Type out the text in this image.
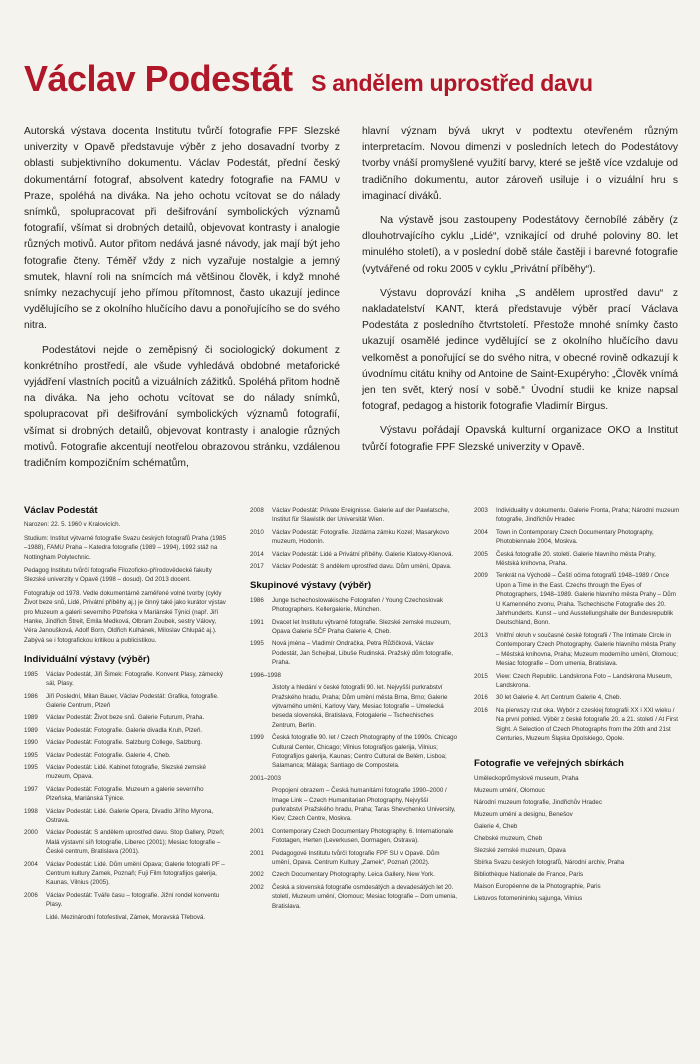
Václav Podestát S andělem uprostřed davu

Autorská výstava docenta Institutu tvůrčí fotografie FPF Slezské univerzity v Opavě představuje výběr z jeho dosavadní tvorby z oblasti subjektivního dokumentu. Václav Podestát, přední český dokumentární fotograf, absolvent katedry fotografie na FAMU v Praze, spoléhá na diváka. Na jeho ochotu vcítovat se do nálady snímků, spolupracovat při dešifrování symbolických významů fotografií, všímat si drobných detailů, objevovat kontrasty i analogie různých motivů. Autor přitom nedává jasné návody, jak mají být jeho fotografie čteny. Téměř vždy z nich vyzařuje nostalgie a jemný smutek, hlavní roli na snímcích má většinou člověk, i když mnohé snímky nezachycují jeho přímou přítomnost, často ukazují jedince vydělujícího se z okolního hlučícího davu a ponořujícího se do svého nitra.

Podestátovi nejde o zeměpisný či sociologický dokument z konkrétního prostředí, ale všude vyhledává obdobné metaforické vyjádření vlastních pocitů a vizuálních zážitků. Spoléhá přitom hodně na diváka. Na jeho ochotu vcítovat se do nálady snímků, spolupracovat při dešifrování symbolických významů fotografií, všímat si drobných detailů, objevovat kontrasty i analogie různých motivů. Fotografie akcentují neotřelou obrazovou stránku, vzdálenou tradičním kompozičním schématům,

hlavní význam bývá ukryt v podtextu otevřeném různým interpretacím. Novou dimenzi v posledních letech do Podestátovy tvorby vnáší promyšlené využití barvy, které se ještě více vzdaluje od tradičního dokumentu, autor zároveň usiluje i o vizuální hru s imaginací diváků.

Na výstavě jsou zastoupeny Podestátovy černobílé záběry (z dlouhotrvajícího cyklu „Lidé“, vznikající od druhé poloviny 80. let minulého století), a v poslední době stále častěji i barevné fotografie (vytvářené od roku 2005 v cyklu „Privátní příběhy“).

Výstavu doprovází kniha „S andělem uprostřed davu“ z nakladatelství KANT, která představuje výběr prací Václava Podestáta z posledního čtvrtstoletí. Přestože mnohé snímky často ukazují osamělé jedince vydělující se z okolního hlučícího davu velkoměst a ponořující se do svého nitra, v obecné rovině odkazují k úvodnímu citátu knihy od Antoine de Saint-Exupéryho: „Člověk vnímá jen ten svět, který nosí v sobě.“ Úvodní studii ke knize napsal fotograf, pedagog a historik fotografie Vladimír Birgus.

Výstavu pořádají Opavská kulturní organizace OKO a Institut tvůrčí fotografie FPF Slezské univerzity v Opavě.

Václav Podestát

Narozen: 22. 5. 1960 v Kralovicích.

Studium: Institut výtvarné fotografie Svazu českých fotografů Praha (1985 –1988), FAMU Praha – Katedra fotografie (1989 – 1994), 1992 stáž na Nottingham Polytechnic.

Pedagog Institutu tvůrčí fotografie Filozoficko-přírodovědecké fakulty Slezské univerzity v Opavě (1998 – dosud). Od 2013 docent.

Fotografuje od 1978. Vedle dokumentárně zaměřené volné tvorby (cykly Život beze snů, Lidé, Privátní příběhy aj.) je činný také jako kurátor výstav pro Muzeum a galerii severního Plzeňska v Mariánské Týnici (např. Jiří Hanke, Jindřich Štreit, Emila Medková, Olbram Zoubek, sestry Válovy, Véra Janoušková, Adolf Born, Oldřich Kulhánek, Miloslav Chlupáč aj.). Zabývá se i fotografickou kritikou a publicistikou.

Individuální výstavy (výběr)
1985	Václav Podestát, Jiří Šimek: Fotografie. Konvent Plasy, zámecký sál, Plasy.
1986	Jiří Poslední, Milan Bauer, Václav Podestát: Grafika, fotografie. Galerie Centrum, Plzeň
1989	Václav Podestát: Život beze snů. Galerie Futurum, Praha.
1989	Václav Podestát: Fotografie. Galerie divadla Kruh, Plzeň.
1990	Václav Podestát: Fotografie. Salzburg College, Salzburg.
1995	Václav Podestát: Fotografie. Galerie 4, Cheb.
1995	Václav Podestát: Lidé. Kabinet fotografie, Slezské zemské muzeum, Opava.
1997	Václav Podestát: Fotografie. Muzeum a galerie severního Plzeňska, Mariánská Týnice.
1998	Václav Podestát: Lidé. Galerie Opera, Divadlo Jiřího Myrona, Ostrava.
2000	Václav Podestát: S andělem uprostřed davu. Stop Gallery, Plzeň; Malá výstavní síň fotografie, Liberec (2001); Mesiac fotografie – České centrum, Bratislava (2001).
2004	Václav Podestát: Lidé. Dům umění Opava; Galerie fotografii PF – Centrum kultury Zamek, Poznaň; Fuji Film fotografijos galerija, Kaunas, Vilnius (2005).
2006	Václav Podestát: Tváře času – fotografie. Jižní rondel konventu Plasy.
Lidé. Mezinárodní fotofestival, Zámek, Moravská Třebová.
2008	Václav Podestát: Private Ereignisse. Galerie auf der Pawlatsche, Institut für Slawistik der Universität Wien.
2010	Václav Podestát: Fotografie. Jízdárna zámku Kozel; Masarykovo muzeum, Hodonín.
2014	Václav Podestát: Lidé a Privátní příběhy. Galerie Klatovy-Klenová.
2017	Václav Podestát: S andělem uprostřed davu. Dům umění, Opava.
Skupinové výstavy (výběr)
1986	Junge tschechoslowakische Fotografen / Young Czechoslovak Photographers. Kellergalerie, München.
1991	Dvacet let Institutu výtvarné fotografie. Slezské zemské muzeum, Opava Galerie SČF Praha Galerie 4, Cheb.
1995	Nová jména – Vladimír Ondračka, Petra Růžičková, Václav Podestát, Jan Schejbal, Libuše Rudinská. Pražský dům fotografie, Praha.
1996–1998
Jistoty a hledání v české fotografii 90. let. Nejvyšší purkrabství Pražského hradu, Praha; Dům umění města Brna, Brno; Galerie výtvarného umění, Karlovy Vary, Mesiac fotografie – Umelecká beseda slovenská, Bratislava, Fotogalerie – Tschechisches Zentrum, Berlin.
1999	Česká fotografie 90. let / Czech Photography of the 1990s. Chicago Cultural Center, Chicago; Vilnius fotografijos galerija, Vilnius; Fotografijos galerija, Kaunas; Centro Cultural de Belém, Lisboa; Salamanca; Málaga; Santiago de Compostela.
2001–2003
Propojení obrazem – Česká humanitární fotografie 1990–2000 / Image Link – Czech Humanitarian Photography, Nejvyšší purkrabství Pražského hradu, Praha; Taras Shevchenko University, Kiev; Czech Centre, Moskva.
2001	Contemporary Czech Documentary Photography. 6. Internationale Fototagen, Herten (Leverkusen, Dormagen, Ostrava).
2001	Pedagogové Institutu tvůrčí fotografie FPF SU v Opavě. Dům umění, Opava. Centrum Kultury „Zamek“, Poznaň (2002).
2002	Czech Documentary Photography. Leica Gallery, New York.
2002	Česká a slovenská fotografie osmdesátých a devadesátých let 20. století, Muzeum umění, Olomouc; Mesiac fotografie – Dom umenia, Bratislava.
2003	Individuality v dokumentu. Galerie Fronta, Praha; Národní muzeum fotografie, Jindřichův Hradec
2004	Town in Contemporary Czech Documentary Photography, Photobiennale 2004, Moskva.
2005	Česká fotografie 20. století. Galerie hlavního města Prahy, Městská knihovna, Praha.
2009	Tenkrát na Východě – Čeští očima fotografů 1948–1989 / Once Upon a Time in the East. Czechs through the Eyes of Photographers, 1948–1989. Galerie hlavního města Prahy – Dům U Kamenného zvonu, Praha. Tschechische Fotografie des 20. Jahrhunderts. Kunst – und Ausstellungshalle der Bundesrepublik Deutschland, Bonn.
2013	Vnitřní okruh v současné české fotografii / The Intimate Circle in Contemporary Czech Photography. Galerie hlavního města Prahy – Městská knihovna, Praha; Muzeum moderního umění, Olomouc; Mesiac fotografie – Dom umenia, Bratislava.
2015	View: Czech Republic. Landskrona Foto – Landskrona Museum, Landskrona.
2016	30 let Galerie 4. Art Centrum Galerie 4, Cheb.
2016	Na pierwszy rzut oka. Wybór z czeskiej fotografii XX i XXI wieku / Na první pohled. Výběr z české fotografie 20. a 21. století / At First Sight. A Selection of Czech Photographs from the 20th and 21st Centuries, Muzeum Śląska Opolskiego, Opole.
Fotografie ve veřejných sbírkách
Uměleckoprůmyslové museum, Praha
Muzeum umění, Olomouc
Národní muzeum fotografie, Jindřichův Hradec
Muzeum umění a designu, Benešov
Galerie 4, Cheb
Chebské muzeum, Cheb
Slezské zemské muzeum, Opava
Sbírka Svazu českých fotografů, Národní archiv, Praha
Bibliothèque Nationale de France, Paris
Maison Européenne de la Photographie, Paris
Lietuvos fotomenininkų sąjunga, Vilnius
